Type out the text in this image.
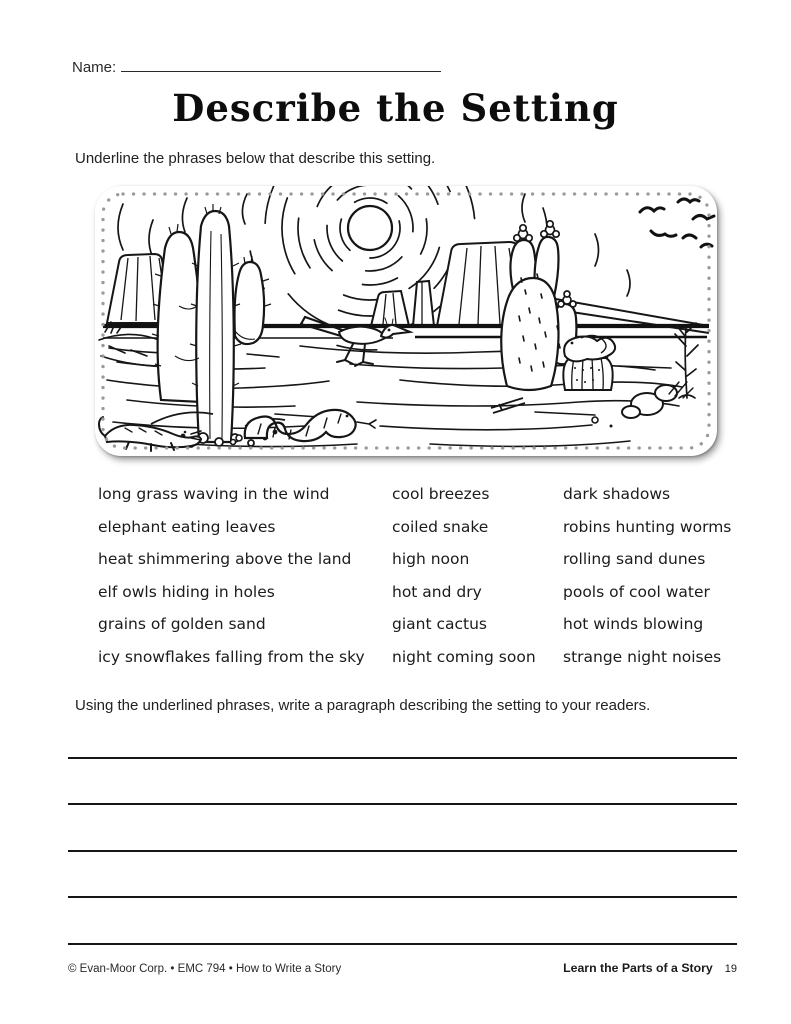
Name:
Describe the Setting

Underline the phrases below that describe this setting.

long grass waving in the wind
elephant eating leaves
heat shimmering above the land
elf owls hiding in holes
grains of golden sand
icy snowflakes falling from the sky
cool breezes
coiled snake
high noon
hot and dry
giant cactus
night coming soon
dark shadows
robins hunting worms
rolling sand dunes
pools of cool water
hot winds blowing
strange night noises

Using the underlined phrases, write a paragraph describing the setting to your readers.

© Evan-Moor Corp. • EMC 794 • How to Write a Story	Learn the Parts of a Story 19
